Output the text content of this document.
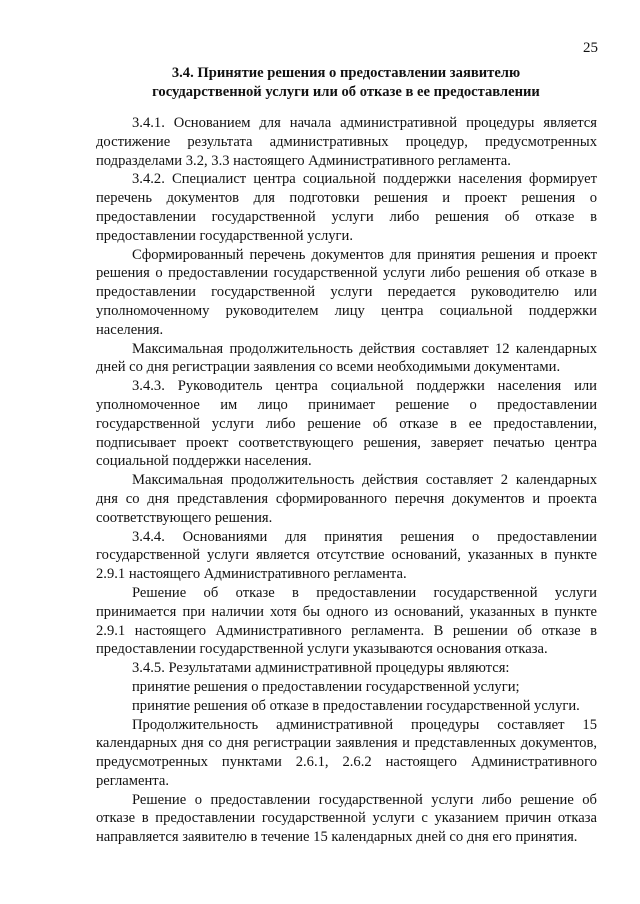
25
3.4. Принятие решения о предоставлении заявителю
государственной услуги или об отказе в ее предоставлении

3.4.1. Основанием для начала административной процедуры является достижение результата административных процедур, предусмотренных подразделами 3.2, 3.3 настоящего Административного регламента.

3.4.2. Специалист центра социальной поддержки населения формирует перечень документов для подготовки решения и проект решения о предоставлении государственной услуги либо решения об отказе в предоставлении государственной услуги.

Сформированный перечень документов для принятия решения и проект решения о предоставлении государственной услуги либо решения об отказе в предоставлении государственной услуги передается руководителю или уполномоченному руководителем лицу центра социальной поддержки населения.

Максимальная продолжительность действия составляет 12 календарных дней со дня регистрации заявления со всеми необходимыми документами.

3.4.3. Руководитель центра социальной поддержки населения или уполномоченное им лицо принимает решение о предоставлении государственной услуги либо решение об отказе в ее предоставлении, подписывает проект соответствующего решения, заверяет печатью центра социальной поддержки населения.

Максимальная продолжительность действия составляет 2 календарных дня со дня представления сформированного перечня документов и проекта соответствующего решения.

3.4.4. Основаниями для принятия решения о предоставлении государственной услуги является отсутствие оснований, указанных в пункте 2.9.1 настоящего Административного регламента.

Решение об отказе в предоставлении государственной услуги принимается при наличии хотя бы одного из оснований, указанных в пункте 2.9.1 настоящего Административного регламента. В решении об отказе в предоставлении государственной услуги указываются основания отказа.

3.4.5. Результатами административной процедуры являются:

принятие решения о предоставлении государственной услуги;

принятие решения об отказе в предоставлении государственной услуги.

Продолжительность административной процедуры составляет 15 календарных дня со дня регистрации заявления и представленных документов, предусмотренных пунктами 2.6.1, 2.6.2 настоящего Административного регламента.

Решение о предоставлении государственной услуги либо решение об отказе в предоставлении государственной услуги с указанием причин отказа направляется заявителю в течение 15 календарных дней со дня его принятия.
